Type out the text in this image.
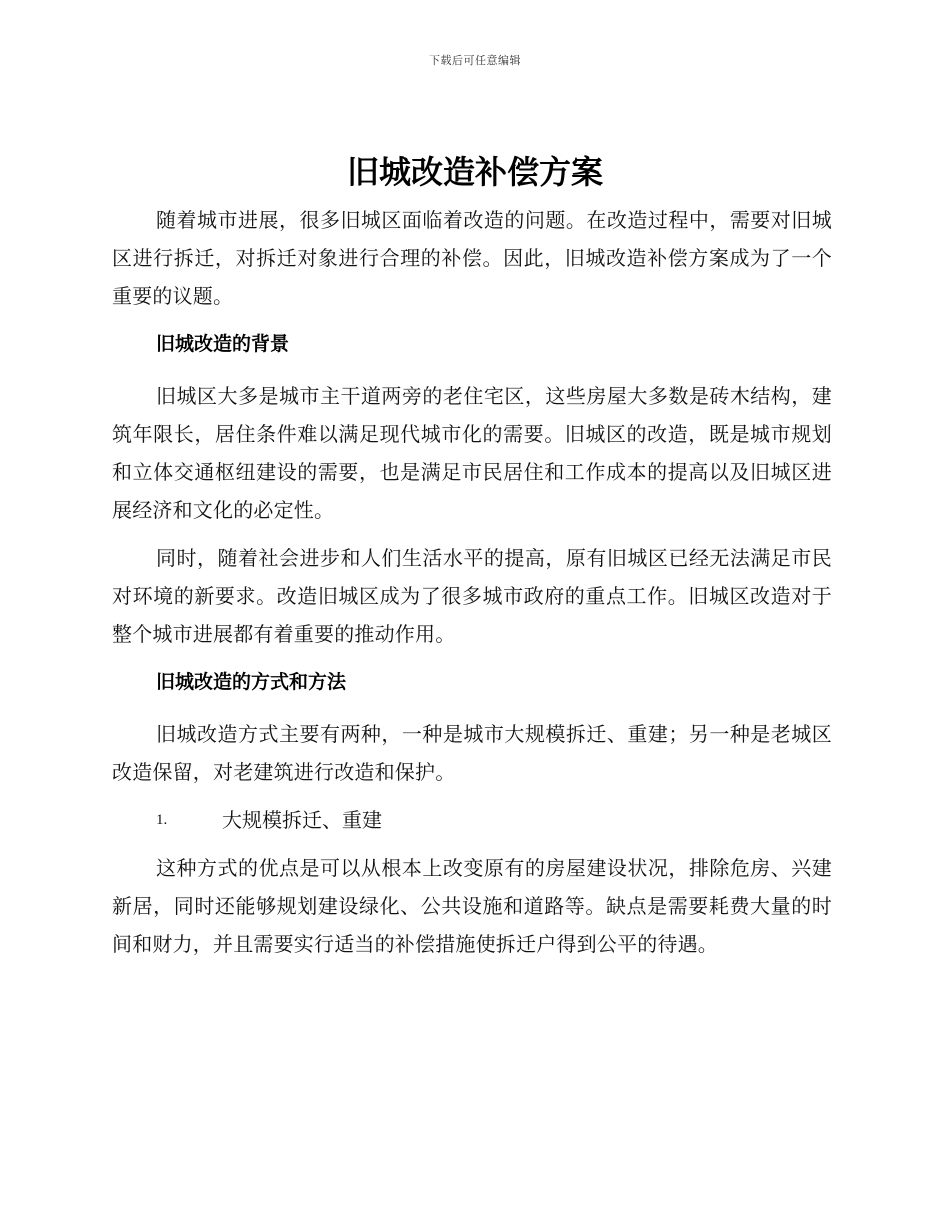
下载后可任意编辑
旧城改造补偿方案

随着城市进展，很多旧城区面临着改造的问题。在改造过程中，需要对旧城区进行拆迁，对拆迁对象进行合理的补偿。因此，旧城改造补偿方案成为了一个重要的议题。

旧城改造的背景

旧城区大多是城市主干道两旁的老住宅区，这些房屋大多数是砖木结构，建筑年限长，居住条件难以满足现代城市化的需要。旧城区的改造，既是城市规划和立体交通枢纽建设的需要，也是满足市民居住和工作成本的提高以及旧城区进展经济和文化的必定性。

同时，随着社会进步和人们生活水平的提高，原有旧城区已经无法满足市民对环境的新要求。改造旧城区成为了很多城市政府的重点工作。旧城区改造对于整个城市进展都有着重要的推动作用。

旧城改造的方式和方法

旧城改造方式主要有两种，一种是城市大规模拆迁、重建；另一种是老城区改造保留，对老建筑进行改造和保护。

1.	大规模拆迁、重建

这种方式的优点是可以从根本上改变原有的房屋建设状况，排除危房、兴建新居，同时还能够规划建设绿化、公共设施和道路等。缺点是需要耗费大量的时间和财力，并且需要实行适当的补偿措施使拆迁户得到公平的待遇。
